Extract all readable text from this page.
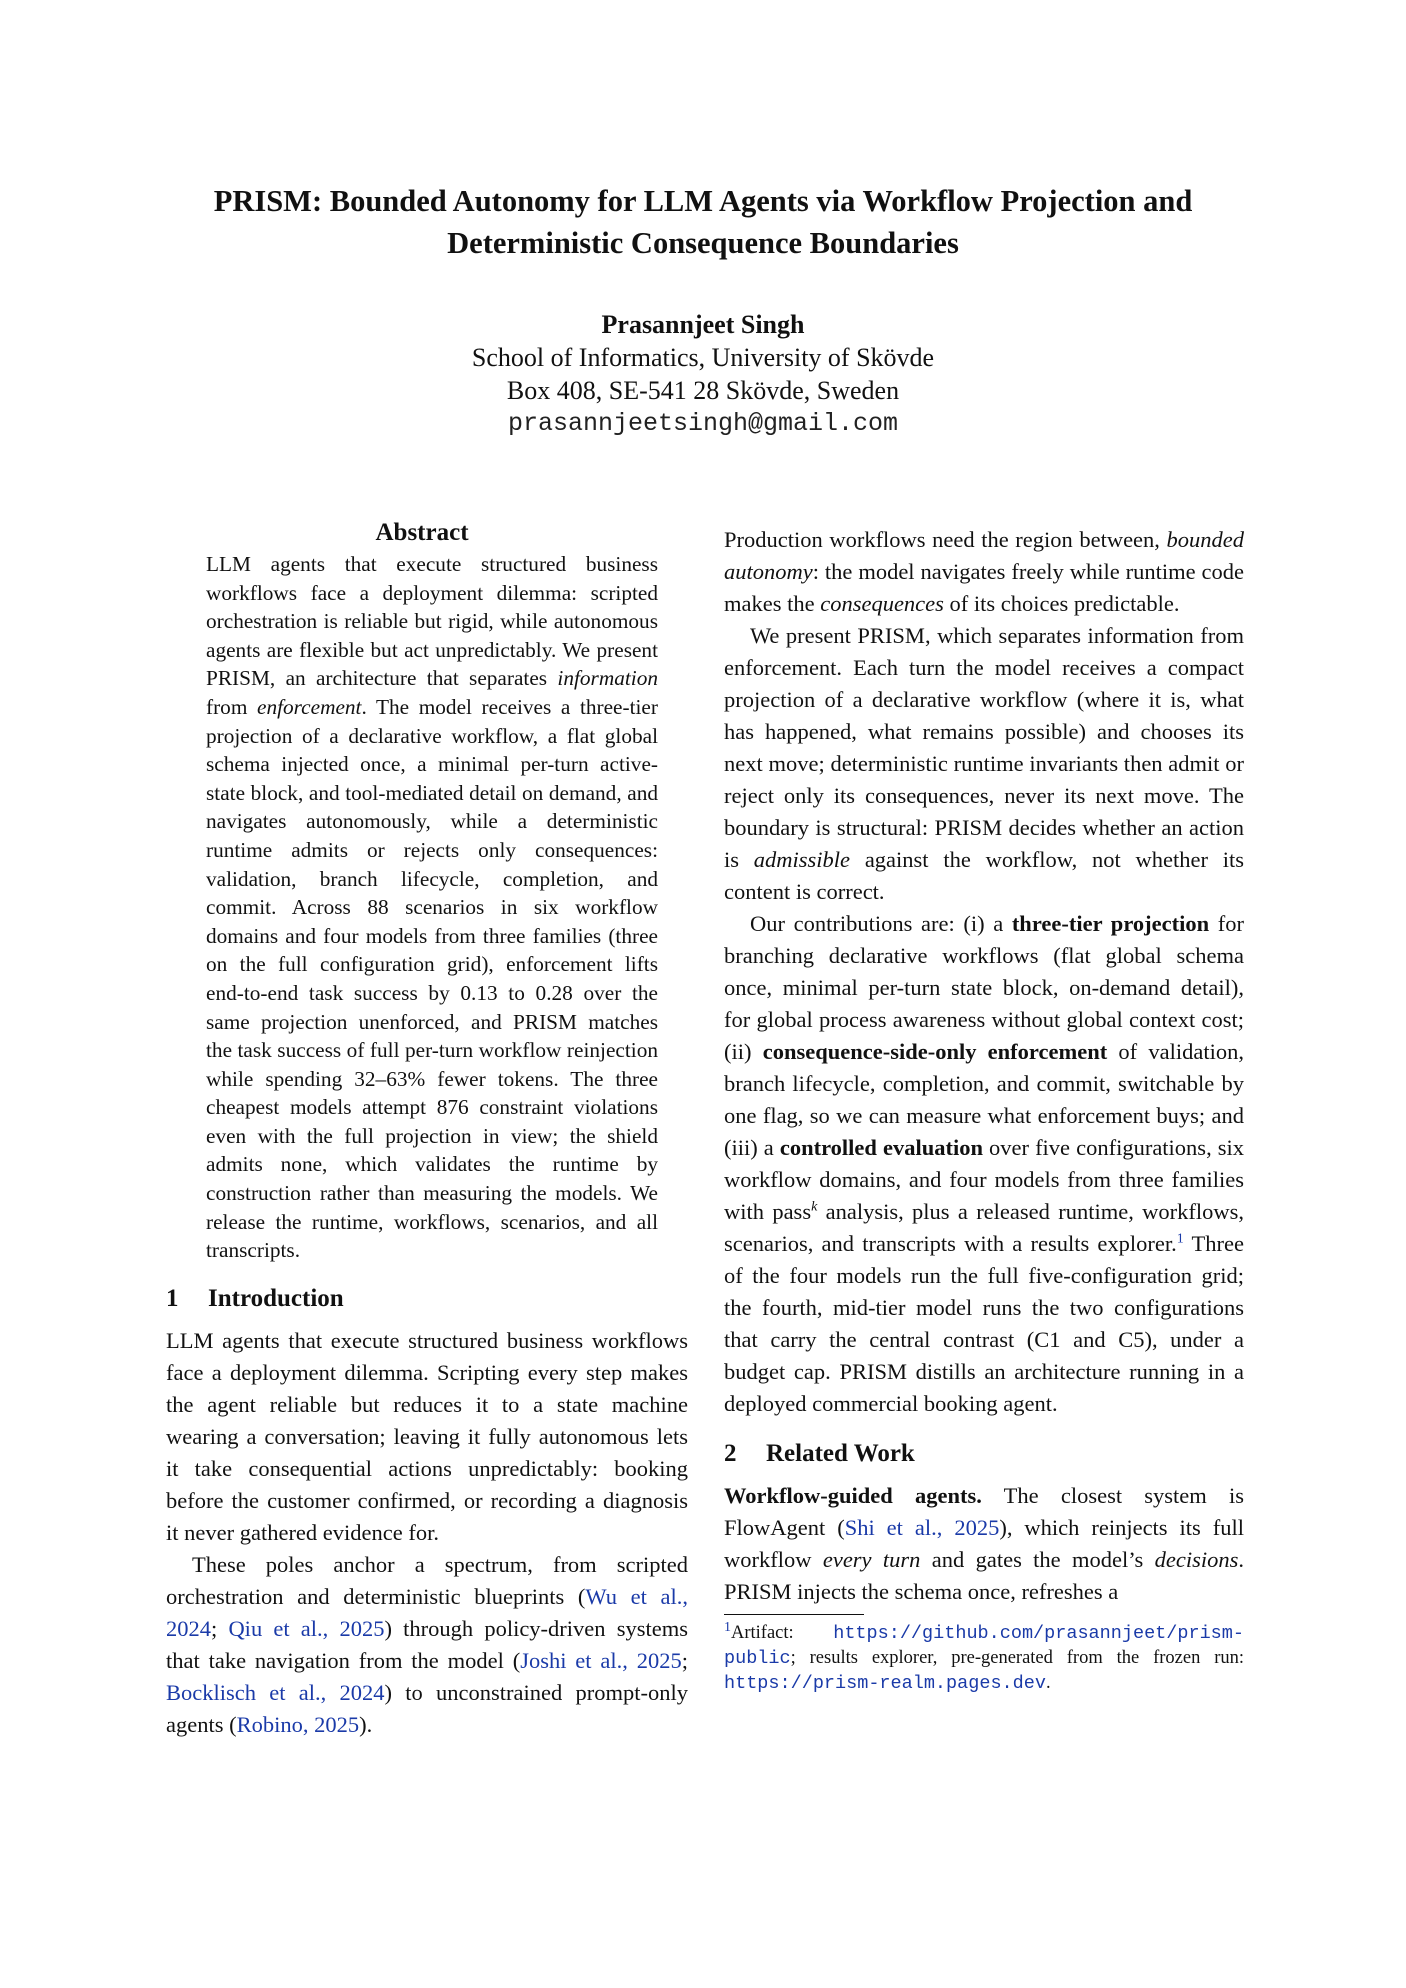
PRISM: Bounded Autonomy for LLM Agents via Workflow Projection and
Deterministic Consequence Boundaries
Prasannjeet Singh
School of Informatics, University of Skövde
Box 408, SE-541 28 Skövde, Sweden
prasannjeetsingh@gmail.com
Abstract

LLM agents that execute structured business workflows face a deployment dilemma: scripted orchestration is reliable but rigid, while autonomous agents are flexible but act unpredictably. We present PRISM, an architecture that separates information from enforcement. The model receives a three-tier projection of a declarative workflow, a flat global schema injected once, a minimal per-turn active-state block, and tool-mediated detail on demand, and navigates autonomously, while a deterministic runtime admits or rejects only consequences: validation, branch lifecycle, completion, and commit. Across 88 scenarios in six workflow domains and four models from three families (three on the full configuration grid), enforcement lifts end-to-end task success by 0.13 to 0.28 over the same projection unenforced, and PRISM matches the task success of full per-turn workflow reinjection while spending 32–63% fewer tokens. The three cheapest models attempt 876 constraint violations even with the full projection in view; the shield admits none, which validates the runtime by construction rather than measuring the models. We release the runtime, workflows, scenarios, and all transcripts.

1 Introduction

LLM agents that execute structured business workflows face a deployment dilemma. Scripting every step makes the agent reliable but reduces it to a state machine wearing a conversation; leaving it fully autonomous lets it take consequential actions unpredictably: booking before the customer confirmed, or recording a diagnosis it never gathered evidence for.

These poles anchor a spectrum, from scripted orchestration and deterministic blueprints (Wu et al., 2024; Qiu et al., 2025) through policy-driven systems that take navigation from the model (Joshi et al., 2025; Bocklisch et al., 2024) to unconstrained prompt-only agents (Robino, 2025).

Production workflows need the region between, bounded autonomy: the model navigates freely while runtime code makes the consequences of its choices predictable.

We present PRISM, which separates information from enforcement. Each turn the model receives a compact projection of a declarative workflow (where it is, what has happened, what remains possible) and chooses its next move; deterministic runtime invariants then admit or reject only its consequences, never its next move. The boundary is structural: PRISM decides whether an action is admissible against the workflow, not whether its content is correct.

Our contributions are: (i) a three-tier projection for branching declarative workflows (flat global schema once, minimal per-turn state block, on-demand detail), for global process awareness without global context cost; (ii) consequence-side-only enforcement of validation, branch lifecycle, completion, and commit, switchable by one flag, so we can measure what enforcement buys; and (iii) a controlled evaluation over five configurations, six workflow domains, and four models from three families with pass$^k$ analysis, plus a released runtime, workflows, scenarios, and transcripts with a results explorer.$^1$ Three of the four models run the full five-configuration grid; the fourth, mid-tier model runs the two configurations that carry the central contrast (C1 and C5), under a budget cap. PRISM distills an architecture running in a deployed commercial booking agent.

2 Related Work

Workflow-guided agents. The closest system is FlowAgent (Shi et al., 2025), which reinjects its full workflow every turn and gates the model’s decisions. PRISM injects the schema once, refreshes a

$^1$Artifact: https://github.com/prasannjeet/prism-public; results explorer, pre-generated from the frozen run: https://prism-realm.pages.dev.
